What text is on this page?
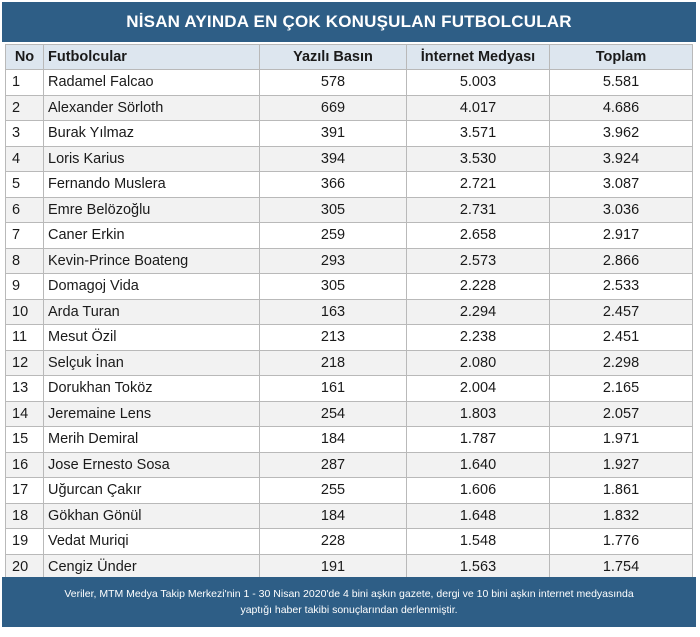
NİSAN AYINDA EN ÇOK KONUŞULAN FUTBOLCULAR
No	Futbolcular	Yazılı Basın	İnternet Medyası	Toplam
1	Radamel Falcao	578	5.003	5.581
2	Alexander Sörloth	669	4.017	4.686
3	Burak Yılmaz	391	3.571	3.962
4	Loris Karius	394	3.530	3.924
5	Fernando Muslera	366	2.721	3.087
6	Emre Belözoğlu	305	2.731	3.036
7	Caner Erkin	259	2.658	2.917
8	Kevin-Prince Boateng	293	2.573	2.866
9	Domagoj Vida	305	2.228	2.533
10	Arda Turan	163	2.294	2.457
11	Mesut Özil	213	2.238	2.451
12	Selçuk İnan	218	2.080	2.298
13	Dorukhan Toköz	161	2.004	2.165
14	Jeremaine Lens	254	1.803	2.057
15	Merih Demiral	184	1.787	1.971
16	Jose Ernesto Sosa	287	1.640	1.927
17	Uğurcan Çakır	255	1.606	1.861
18	Gökhan Gönül	184	1.648	1.832
19	Vedat Muriqi	228	1.548	1.776
20	Cengiz Ünder	191	1.563	1.754
Veriler, MTM Medya Takip Merkezi'nin 1 - 30 Nisan 2020'de 4 bini aşkın gazete, dergi ve 10 bini aşkın internet medyasında
yaptığı haber takibi sonuçlarından derlenmiştir.
